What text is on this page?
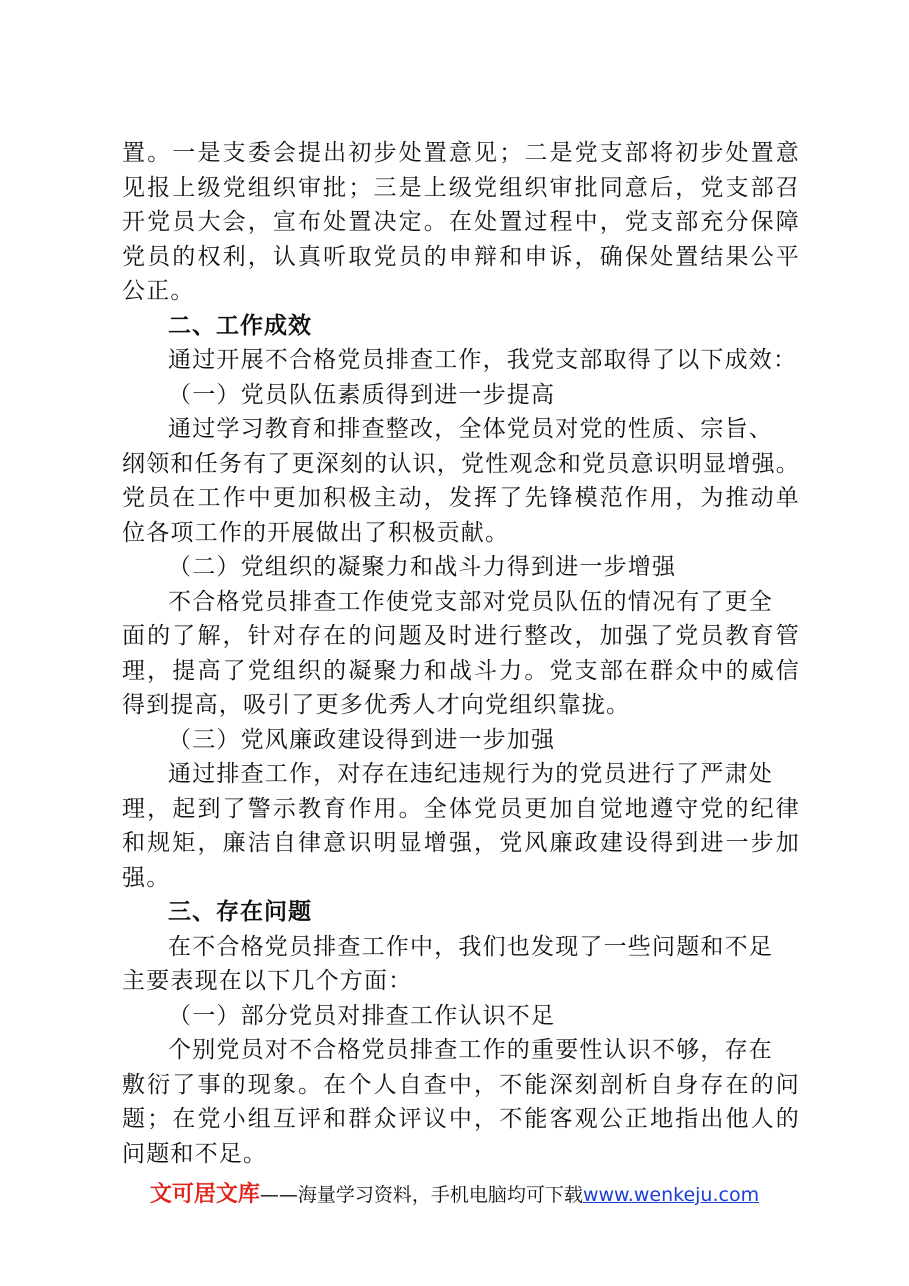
置。一是支委会提出初步处置意见；二是党支部将初步处置意
见报上级党组织审批；三是上级党组织审批同意后，党支部召
开党员大会，宣布处置决定。在处置过程中，党支部充分保障
党员的权利，认真听取党员的申辩和申诉，确保处置结果公平
公正。
二、工作成效
通过开展不合格党员排查工作，我党支部取得了以下成效：
（一）党员队伍素质得到进一步提高
通过学习教育和排查整改，全体党员对党的性质、宗旨、
纲领和任务有了更深刻的认识，党性观念和党员意识明显增强。
党员在工作中更加积极主动，发挥了先锋模范作用，为推动单
位各项工作的开展做出了积极贡献。
（二）党组织的凝聚力和战斗力得到进一步增强
不合格党员排查工作使党支部对党员队伍的情况有了更全
面的了解，针对存在的问题及时进行整改，加强了党员教育管
理，提高了党组织的凝聚力和战斗力。党支部在群众中的威信
得到提高，吸引了更多优秀人才向党组织靠拢。
（三）党风廉政建设得到进一步加强
通过排查工作，对存在违纪违规行为的党员进行了严肃处
理，起到了警示教育作用。全体党员更加自觉地遵守党的纪律
和规矩，廉洁自律意识明显增强，党风廉政建设得到进一步加
强。
三、存在问题
在不合格党员排查工作中，我们也发现了一些问题和不足
主要表现在以下几个方面：
（一）部分党员对排查工作认识不足
个别党员对不合格党员排查工作的重要性认识不够，存在
敷衍了事的现象。在个人自查中，不能深刻剖析自身存在的问
题；在党小组互评和群众评议中，不能客观公正地指出他人的
问题和不足。
文可居文库——海量学习资料，手机电脑均可下载www.wenkeju.com
